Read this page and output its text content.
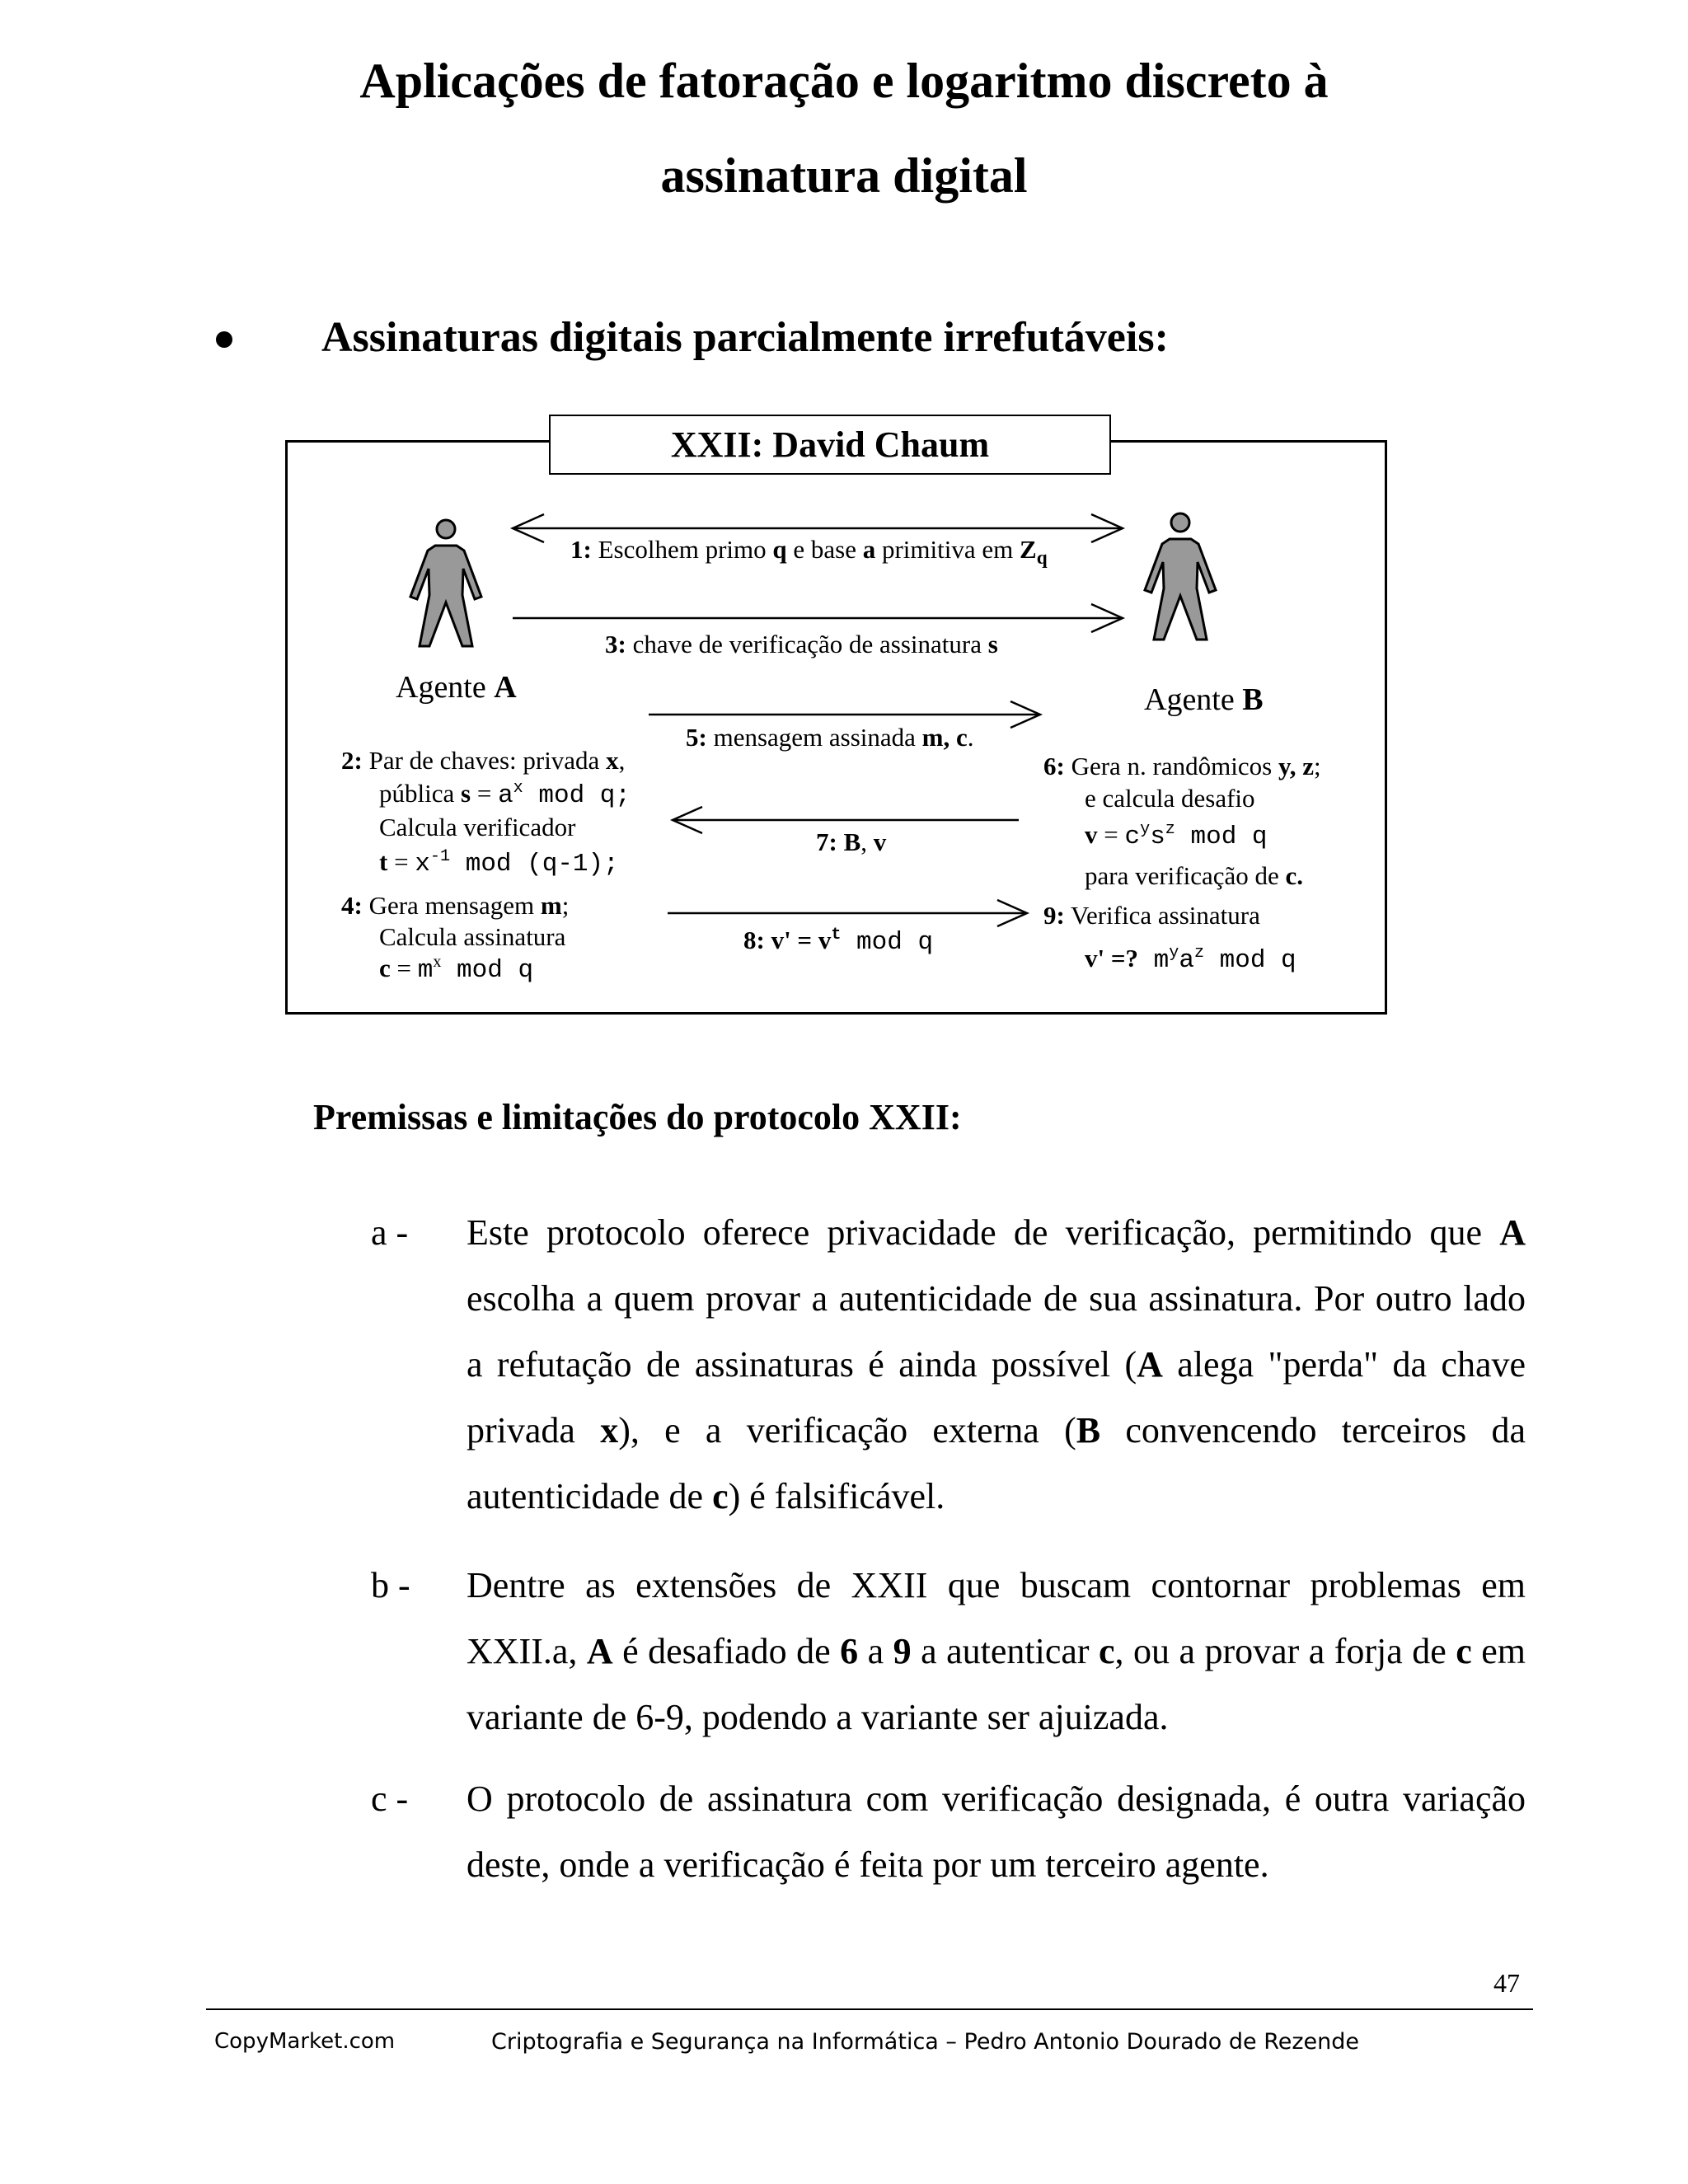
Aplicações de fatoração e logaritmo discreto à
assinatura digital
Assinaturas digitais parcialmente irrefutáveis:
XXII: David Chaum
1: Escolhem primo q e base a primitiva em $Z_q$
3: chave de verificação de assinatura s
Agente A	Agente B
5: mensagem assinada m, c.
2: Par de chaves: privada x,
pública $s = a^x$ mod q;
Calcula verificador
$t = x^{-1}$ mod (q-1);
4: Gera mensagem m;
Calcula assinatura
$c = m^x$ mod q
6: Gera n. randômicos y, z;
e calcula desafio
$v = c^ys^z$ mod q
para verificação de c.
7: B, v
9: Verifica assinatura
v' =? $m^ya^z$ mod q
8: $v' = v^t$ mod q
Premissas e limitações do protocolo XXII:
a - Este protocolo oferece privacidade de verificação, permitindo que A escolha a quem provar a autenticidade de sua assinatura. Por outro lado a refutação de assinaturas é ainda possível (A alega "perda" da chave privada x), e a verificação externa (B convencendo terceiros da autenticidade de c) é falsificável.
b - Dentre as extensões de XXII que buscam contornar problemas em XXII.a, A é desafiado de 6 a 9 a autenticar c, ou a provar a forja de c em variante de 6-9, podendo a variante ser ajuizada.
c - O protocolo de assinatura com verificação designada, é outra variação deste, onde a verificação é feita por um terceiro agente.
47
CopyMarket.com	Criptografia e Segurança na Informática – Pedro Antonio Dourado de Rezende
